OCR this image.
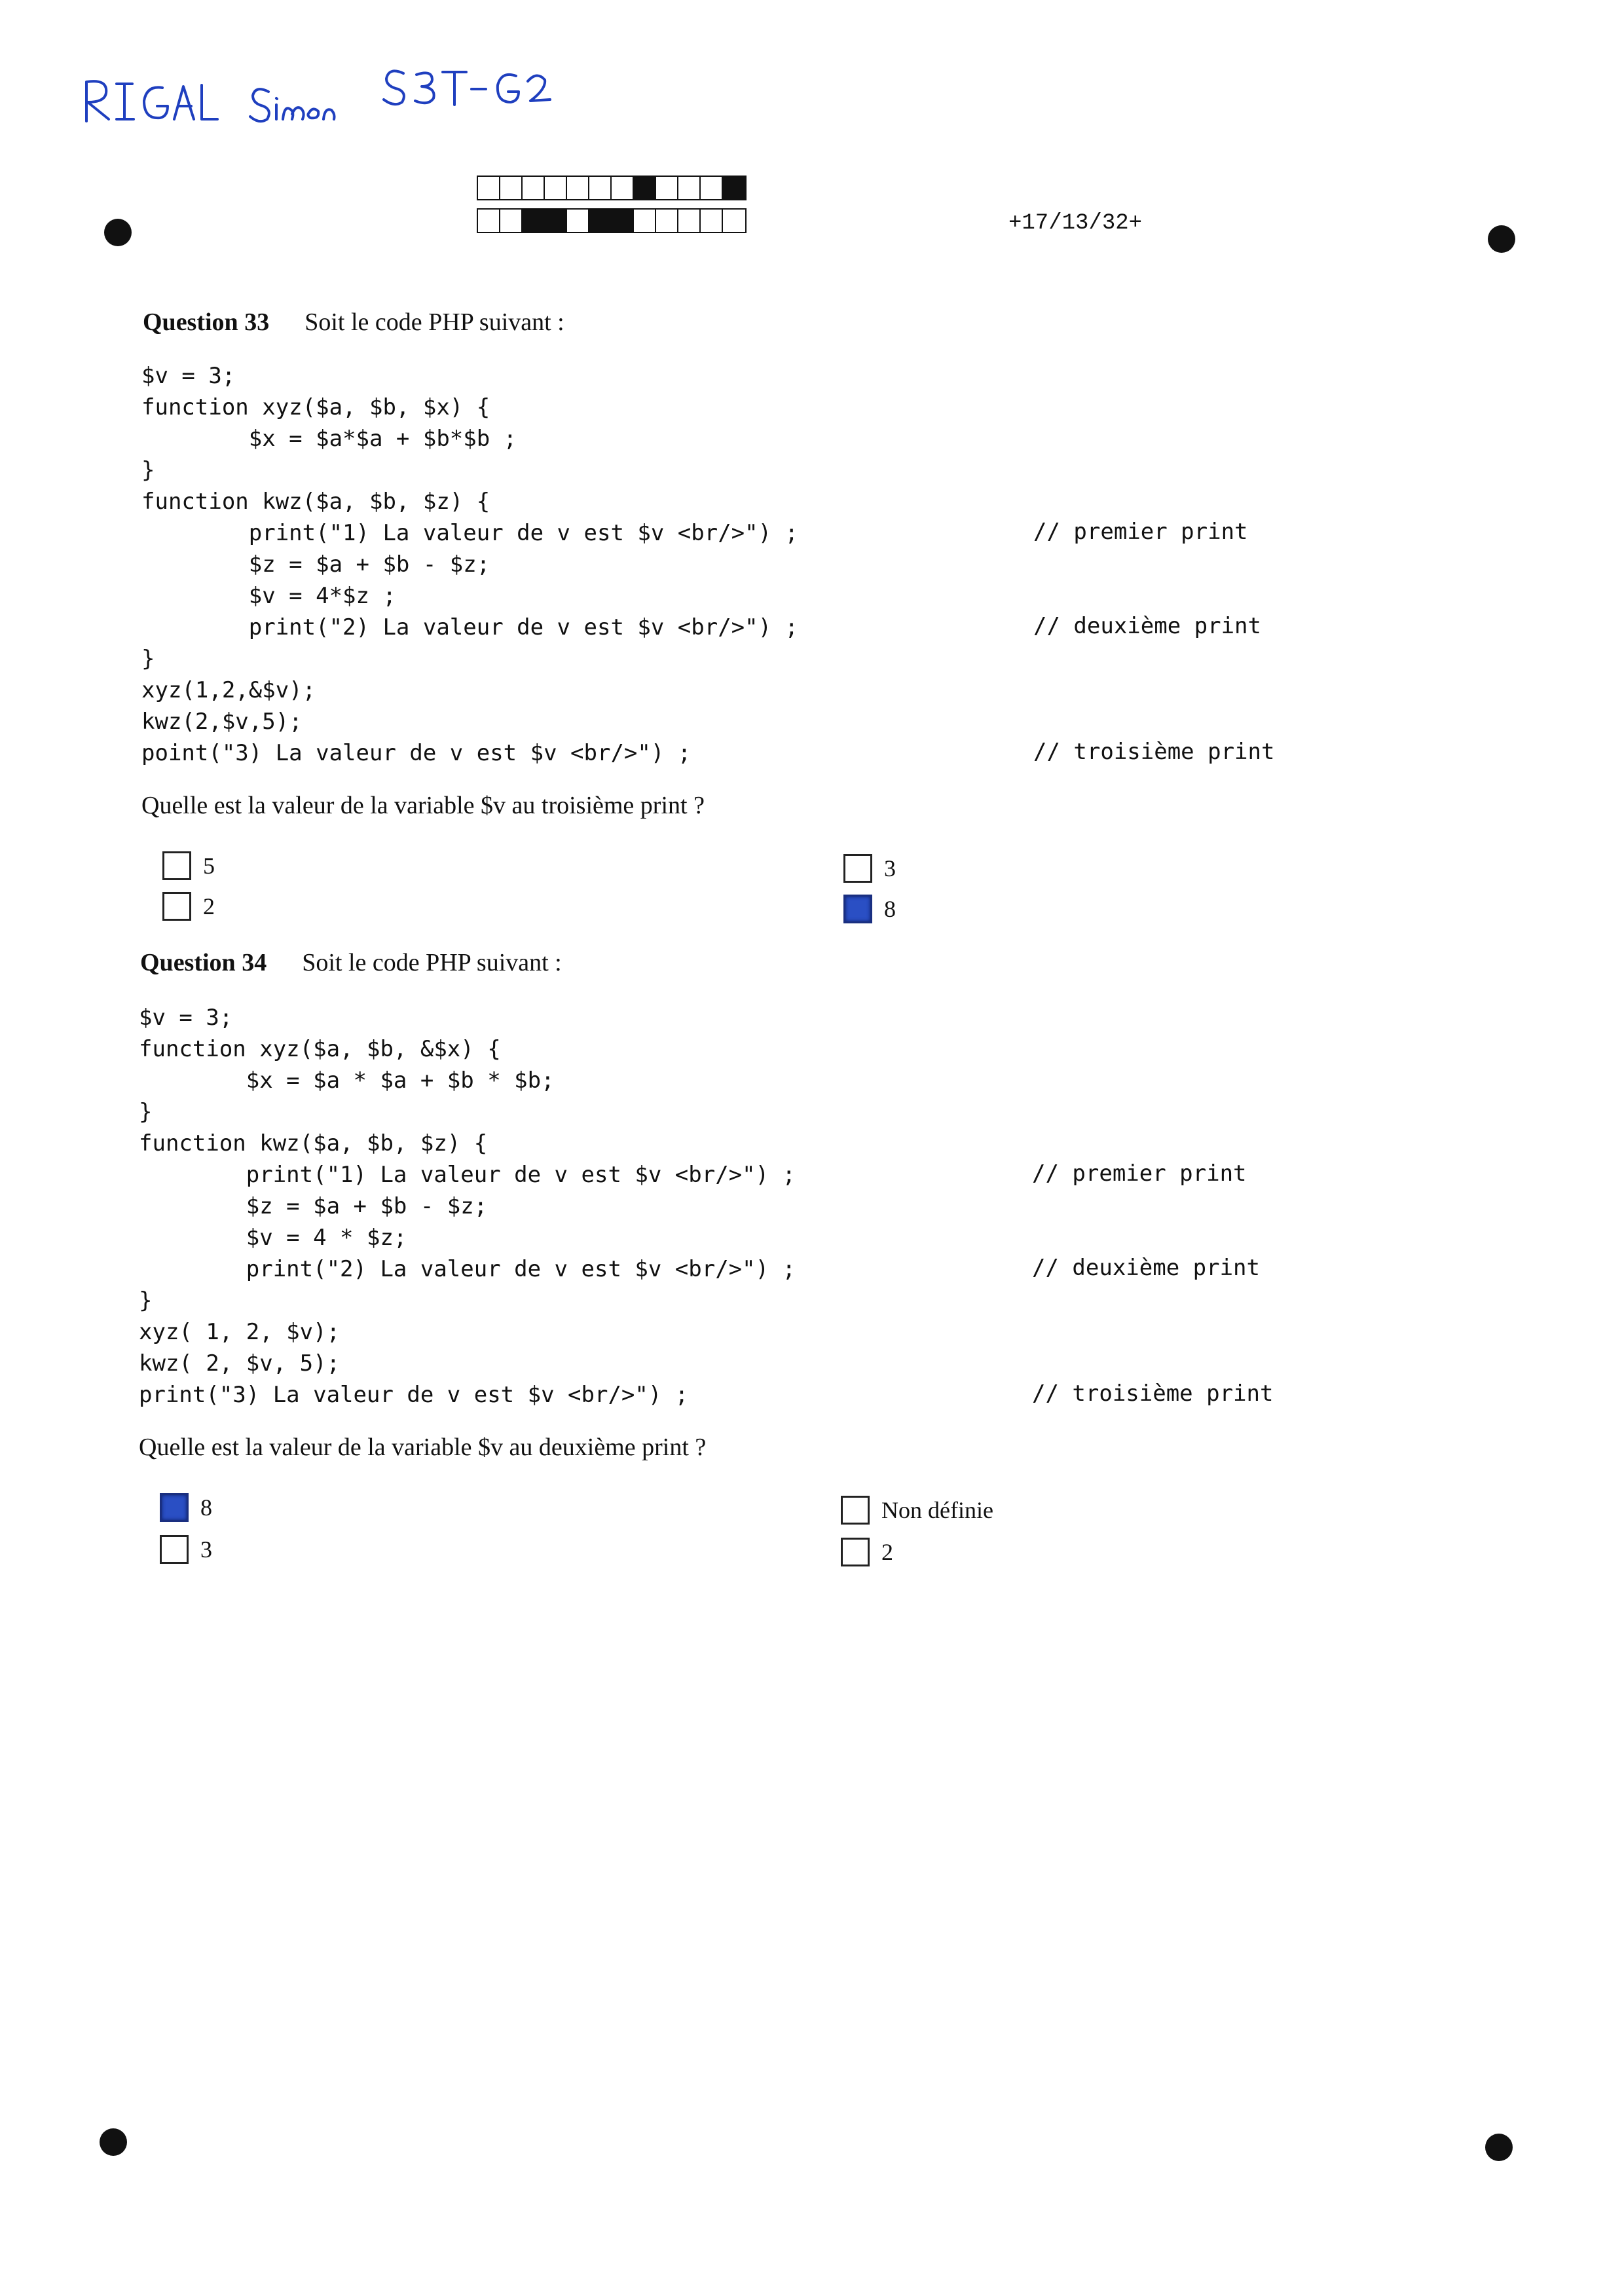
+17/13/32+
Question 33 Soit le code PHP suivant :
$v = 3;
function xyz($a, $b, $x) {
$x = $a*$a + $b*$b ;
}
function kwz($a, $b, $z) {
print("1) La valeur de v est $v <br/>") ;
$z = $a + $b - $z;
$v = 4*$z ;
print("2) La valeur de v est $v <br/>") ;
}
xyz(1,2,&$v);
kwz(2,$v,5);
point("3) La valeur de v est $v <br/>") ;

// premier print
// deuxième print
// troisième print
Quelle est la valeur de la variable $v au troisième print ?
5	3
2	8
Question 34 Soit le code PHP suivant :
$v = 3;
function xyz($a, $b, &$x) {
$x = $a * $a + $b * $b;
}
function kwz($a, $b, $z) {
print("1) La valeur de v est $v <br/>") ;
$z = $a + $b - $z;
$v = 4 * $z;
print("2) La valeur de v est $v <br/>") ;
}
xyz( 1, 2, $v);
kwz( 2, $v, 5);
print("3) La valeur de v est $v <br/>") ;

// premier print
// deuxième print
// troisième print
Quelle est la valeur de la variable $v au deuxième print ?
8	Non définie
3	2
